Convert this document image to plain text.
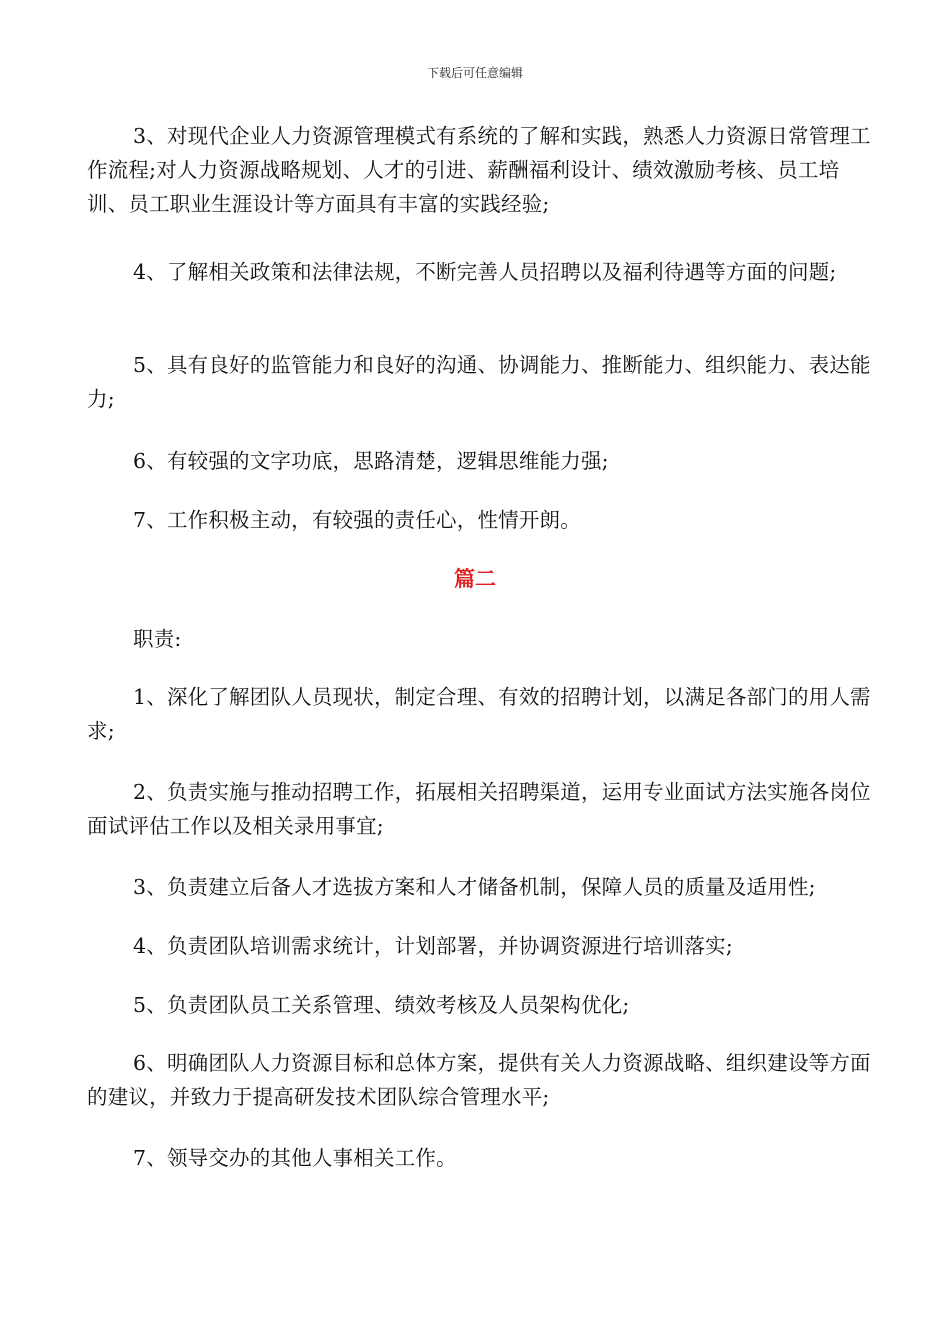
下载后可任意编辑

3、对现代企业人力资源管理模式有系统的了解和实践，熟悉人力资源日常管理工作流程;对人力资源战略规划、人才的引进、薪酬福利设计、绩效激励考核、员工培训、员工职业生涯设计等方面具有丰富的实践经验;

4、了解相关政策和法律法规，不断完善人员招聘以及福利待遇等方面的问题;

5、具有良好的监管能力和良好的沟通、协调能力、推断能力、组织能力、表达能力;

6、有较强的文字功底，思路清楚，逻辑思维能力强;

7、工作积极主动，有较强的责任心，性情开朗。

篇二

职责:

1、深化了解团队人员现状，制定合理、有效的招聘计划，以满足各部门的用人需求;

2、负责实施与推动招聘工作，拓展相关招聘渠道，运用专业面试方法实施各岗位面试评估工作以及相关录用事宜;

3、负责建立后备人才选拔方案和人才储备机制，保障人员的质量及适用性;

4、负责团队培训需求统计，计划部署，并协调资源进行培训落实;

5、负责团队员工关系管理、绩效考核及人员架构优化;

6、明确团队人力资源目标和总体方案，提供有关人力资源战略、组织建设等方面的建议，并致力于提高研发技术团队综合管理水平;

7、领导交办的其他人事相关工作。
